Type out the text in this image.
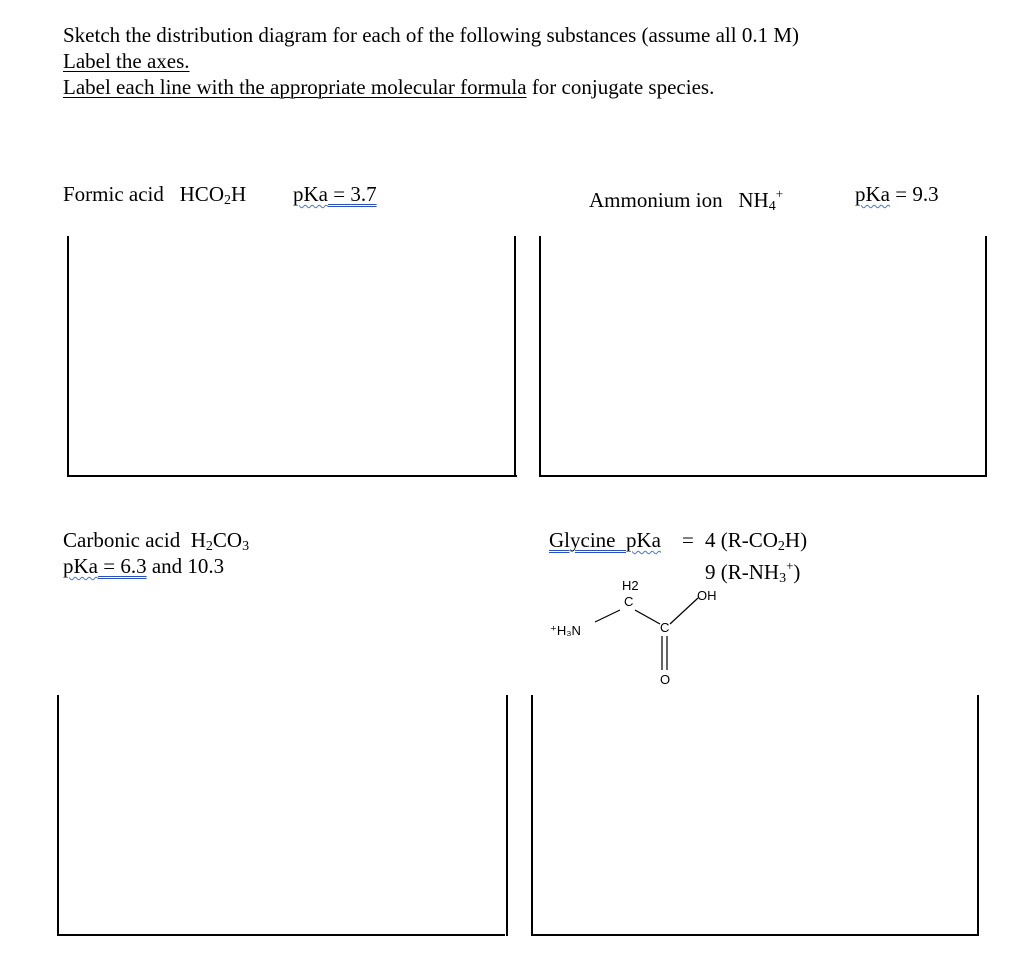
Sketch the distribution diagram for each of the following substances (assume all 0.1 M)
Label the axes.
Label each line with the appropriate molecular formula for conjugate species.
Formic acid $HCO_2H$ pKa = 3.7	Ammonium ion $NH_4^+$	pKa = 9.3
Carbonic acid $H_2CO_3$
pKa = 6.3 and 10.3
Glycine pKa = 4 $(R-CO_2H)$
9 $(R-NH_3^+)$
⁺H₃N
H2
C
C
OH
O
